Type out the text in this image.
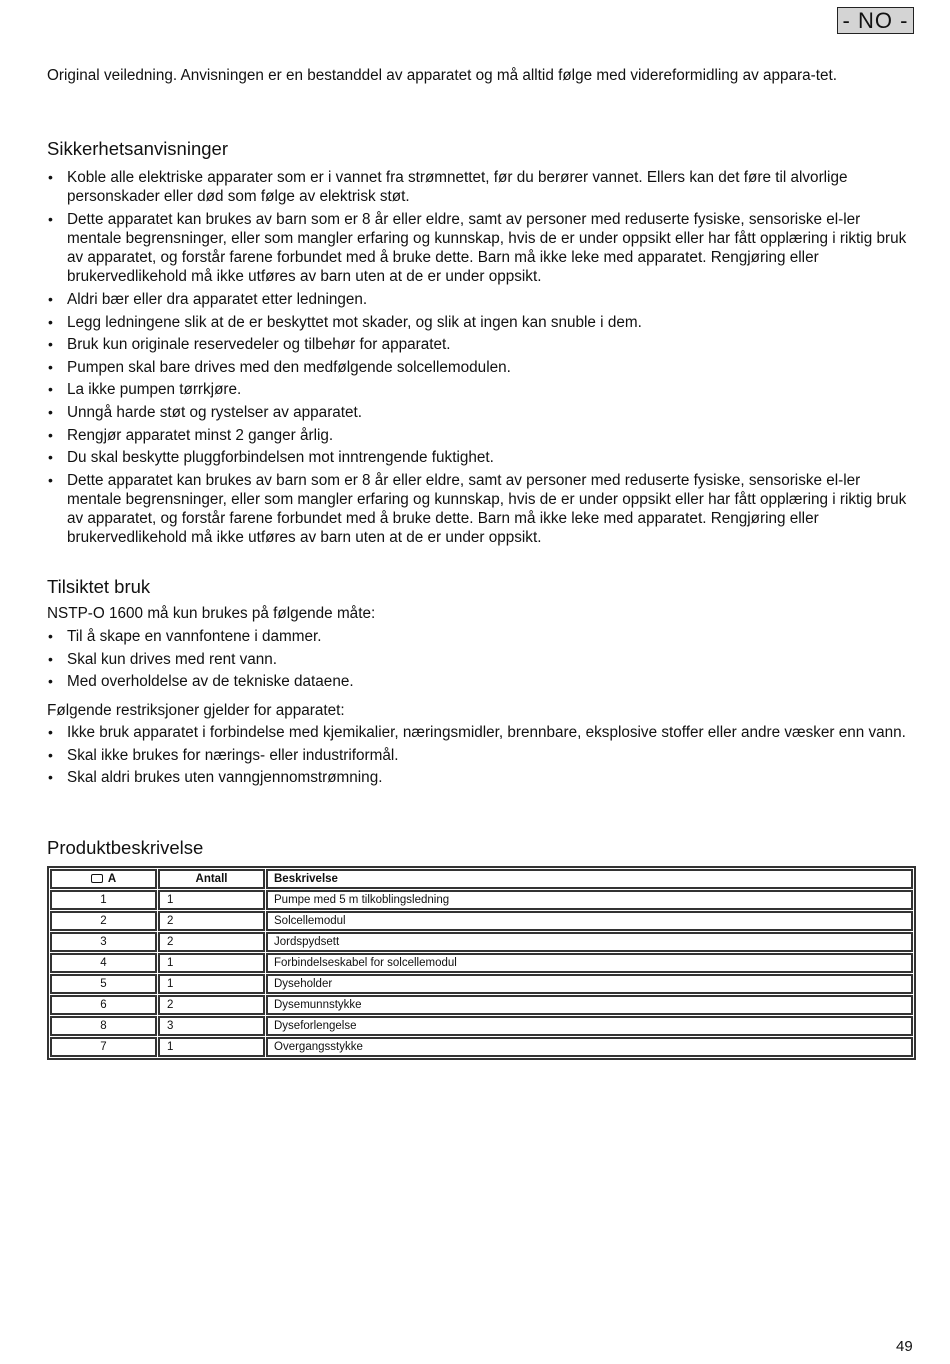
- NO -

Original veiledning. Anvisningen er en bestanddel av apparatet og må alltid følge med videreformidling av appara-tet.

Sikkerhetsanvisninger
• Koble alle elektriske apparater som er i vannet fra strømnettet, før du berører vannet. Ellers kan det føre til alvorlige personskader eller død som følge av elektrisk støt.
• Dette apparatet kan brukes av barn som er 8 år eller eldre, samt av personer med reduserte fysiske, sensoriske el-ler mentale begrensninger, eller som mangler erfaring og kunnskap, hvis de er under oppsikt eller har fått opplæring i riktig bruk av apparatet, og forstår farene forbundet med å bruke dette. Barn må ikke leke med apparatet. Rengjøring eller brukervedlikehold må ikke utføres av barn uten at de er under oppsikt.
• Aldri bær eller dra apparatet etter ledningen.
• Legg ledningene slik at de er beskyttet mot skader, og slik at ingen kan snuble i dem.
• Bruk kun originale reservedeler og tilbehør for apparatet.
• Pumpen skal bare drives med den medfølgende solcellemodulen.
• La ikke pumpen tørrkjøre.
• Unngå harde støt og rystelser av apparatet.
• Rengjør apparatet minst 2 ganger årlig.
• Du skal beskytte pluggforbindelsen mot inntrengende fuktighet.
• Dette apparatet kan brukes av barn som er 8 år eller eldre, samt av personer med reduserte fysiske, sensoriske el-ler mentale begrensninger, eller som mangler erfaring og kunnskap, hvis de er under oppsikt eller har fått opplæring i riktig bruk av apparatet, og forstår farene forbundet med å bruke dette. Barn må ikke leke med apparatet. Rengjøring eller brukervedlikehold må ikke utføres av barn uten at de er under oppsikt.
Tilsiktet bruk

NSTP-O 1600 må kun brukes på følgende måte:

• Til å skape en vannfontene i dammer.
• Skal kun drives med rent vann.
• Med overholdelse av de tekniske dataene.

Følgende restriksjoner gjelder for apparatet:

• Ikke bruk apparatet i forbindelse med kjemikalier, næringsmidler, brennbare, eksplosive stoffer eller andre væsker enn vann.
• Skal ikke brukes for nærings- eller industriformål.
• Skal aldri brukes uten vanngjennomstrømning.
Produktbeskrivelse
A	Antall	Beskrivelse
1	1	Pumpe med 5 m tilkoblingsledning
2	2	Solcellemodul
3	2	Jordspydsett
4	1	Forbindelseskabel for solcellemodul
5	1	Dyseholder
6	2	Dysemunnstykke
8	3	Dyseforlengelse
7	1	Overgangsstykke
49
